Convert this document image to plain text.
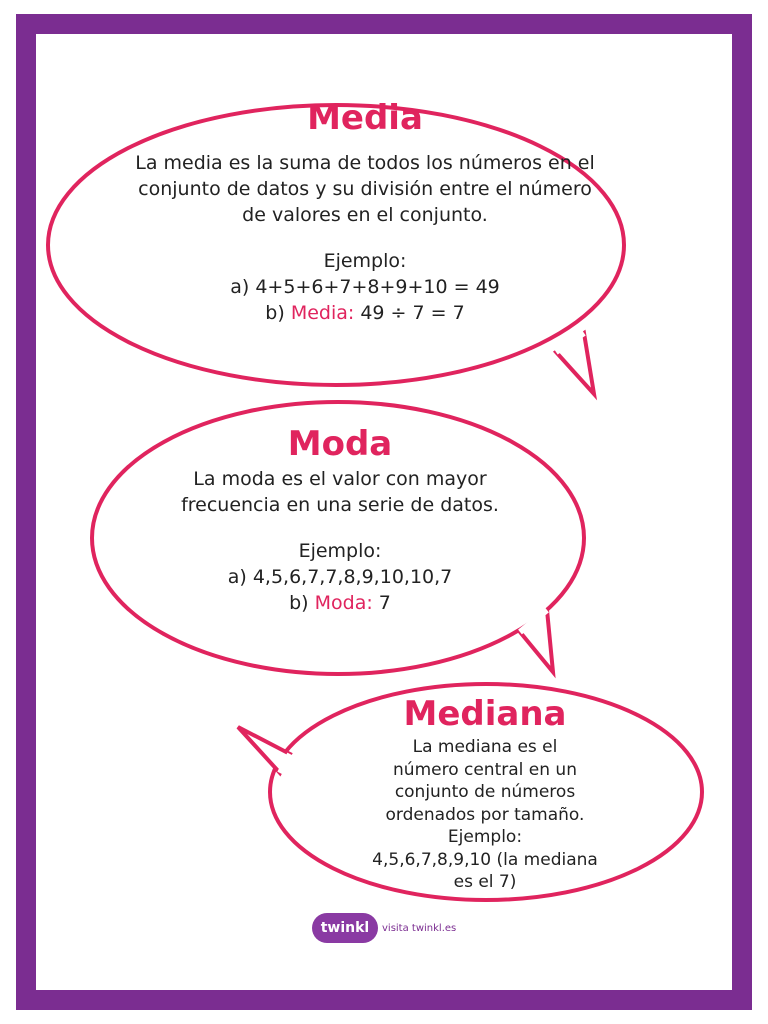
Media
La media es la suma de todos los números en el
conjunto de datos y su división entre el número
de valores en el conjunto.
Ejemplo:
a) 4+5+6+7+8+9+10 = 49
b) Media: 49 ÷ 7 = 7
Moda
La moda es el valor con mayor
frecuencia en una serie de datos.
Ejemplo:
a) 4,5,6,7,7,8,9,10,10,7
b) Moda: 7
Mediana
La mediana es el
número central en un
conjunto de números
ordenados por tamaño.
Ejemplo:
4,5,6,7,8,9,10 (la mediana
es el 7)
twinkl visita twinkl.es
